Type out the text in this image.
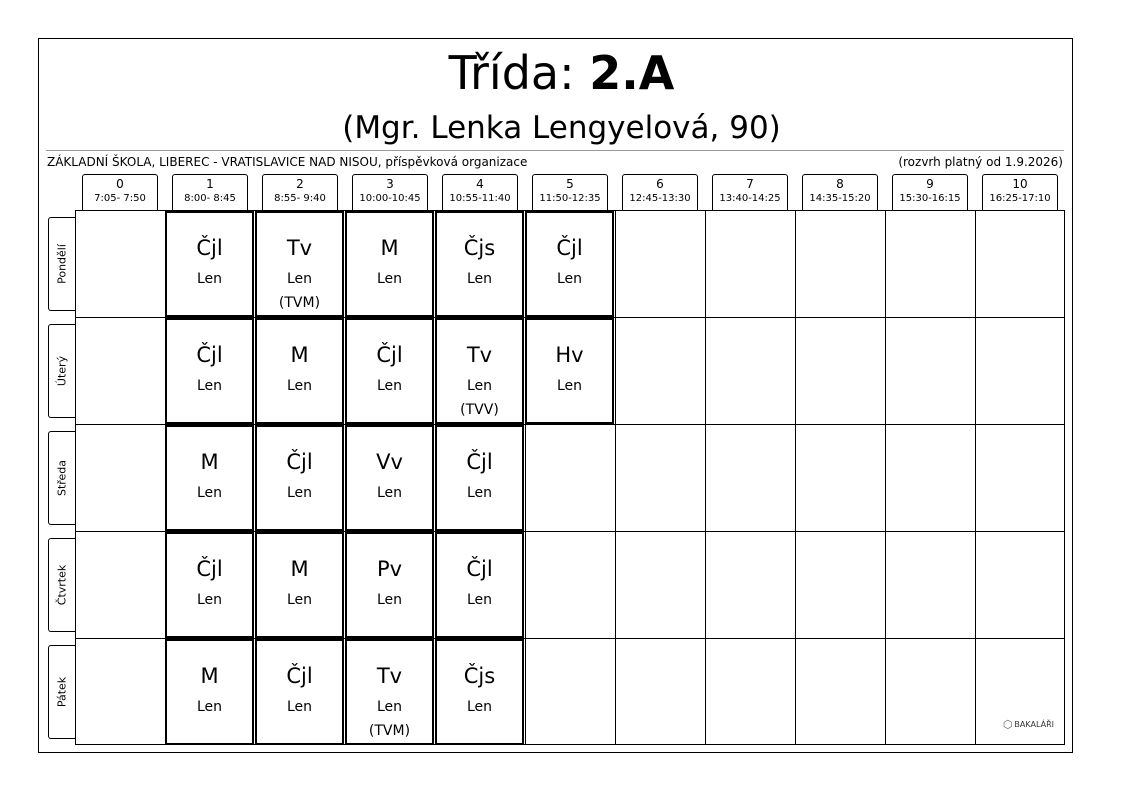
Třída: 2.A
(Mgr. Lenka Lengyelová, 90)
ZÁKLADNÍ ŠKOLA, LIBEREC - VRATISLAVICE NAD NISOU, příspěvková organizace	(rozvrh platný od 1.9.2026)
0
7:05- 7:50
1
8:00- 8:45
2
8:55- 9:40
3
10:00-10:45
4
10:55-11:40
5
11:50-12:35
6
12:45-13:30
7
13:40-14:25
8
14:35-15:20
9
15:30-16:15
10
16:25-17:10
Pondělí
Úterý
Středa
Čtvrtek
Pátek
⬡ BAKALÁŘI
Čjl
Len
Tv
Len
(TVM)
M
Len
Čjs
Len
Čjl
Len
Čjl
Len
M
Len
Čjl
Len
Tv
Len
(TVV)
Hv
Len
M
Len
Čjl
Len
Vv
Len
Čjl
Len
Čjl
Len
M
Len
Pv
Len
Čjl
Len
M
Len
Čjl
Len
Tv
Len
(TVM)
Čjs
Len
